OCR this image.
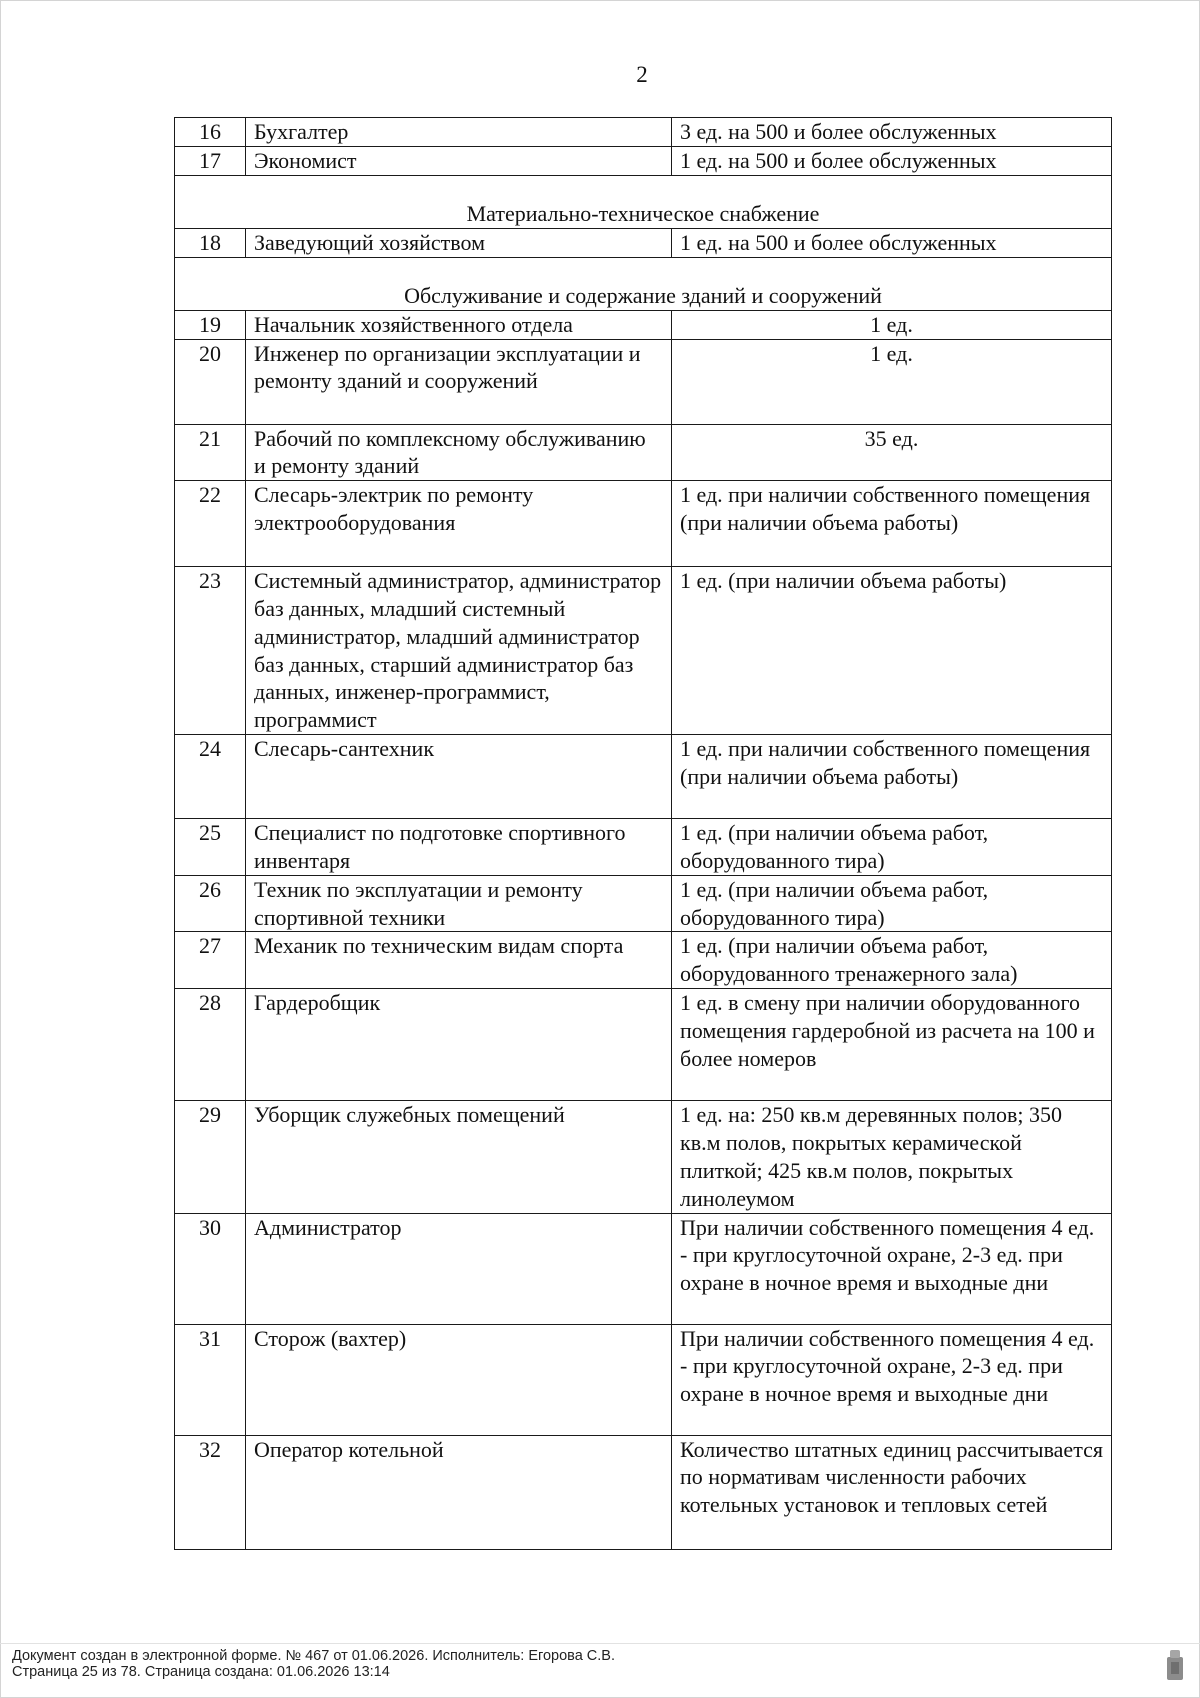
2
16	Бухгалтер	3 ед. на 500 и более обслуженных
17	Экономист	1 ед. на 500 и более обслуженных
Материально-техническое снабжение		
18	Заведующий хозяйством	1 ед. на 500 и более обслуженных
Обслуживание и содержание зданий и сооружений		
19	Начальник хозяйственного отдела	1 ед.
20	Инженер по организации эксплуатации и ремонту зданий и сооружений	1 ед.
21	Рабочий по комплексному обслуживанию и ремонту зданий	35 ед.
22	Слесарь-электрик по ремонту электрооборудования	1 ед. при наличии собственного помещения (при наличии объема работы)
23	Системный администратор, администратор баз данных, младший системный администратор, младший администратор баз данных, старший администратор баз данных, инженер-программист, программист	1 ед. (при наличии объема работы)
24	Слесарь-сантехник	1 ед. при наличии собственного помещения (при наличии объема работы)
25	Специалист по подготовке спортивного инвентаря	1 ед. (при наличии объема работ, оборудованного тира)
26	Техник по эксплуатации и ремонту спортивной техники	1 ед. (при наличии объема работ, оборудованного тира)
27	Механик по техническим видам спорта	1 ед. (при наличии объема работ, оборудованного тренажерного зала)
28	Гардеробщик	1 ед. в смену при наличии оборудованного помещения гардеробной из расчета на 100 и более номеров
29	Уборщик служебных помещений	1 ед. на: 250 кв.м деревянных полов; 350 кв.м полов, покрытых керамической плиткой; 425 кв.м полов, покрытых линолеумом
30	Администратор	При наличии собственного помещения 4 ед. - при круглосуточной охране, 2-3 ед. при охране в ночное время и выходные дни
31	Сторож (вахтер)	При наличии собственного помещения 4 ед. - при круглосуточной охране, 2-3 ед. при охране в ночное время и выходные дни
32	Оператор котельной	Количество штатных единиц рассчитывается по нормативам численности рабочих котельных установок и тепловых сетей
Документ создан в электронной форме. № 467 от 01.06.2026. Исполнитель: Егорова С.В.
Страница 25 из 78. Страница создана: 01.06.2026 13:14
